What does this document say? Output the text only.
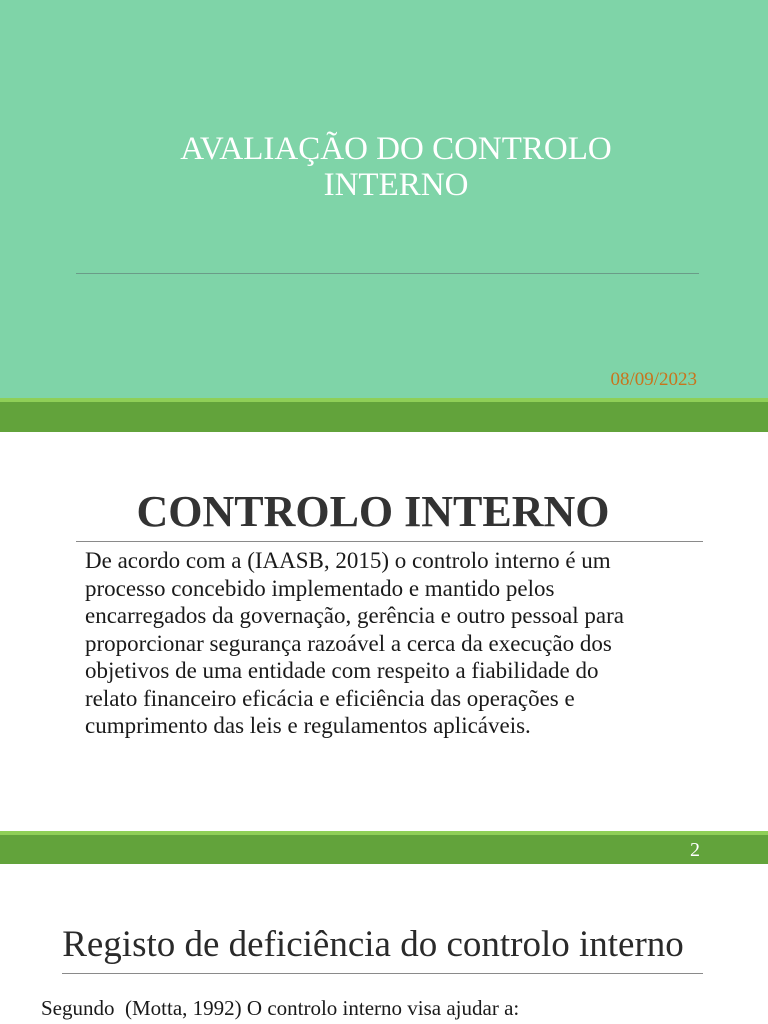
AVALIAÇÃO DO CONTROLO
INTERNO
08/09/2023
CONTROLO INTERNO
De acordo com a (IAASB, 2015) o controlo interno é um
processo concebido implementado e mantido pelos
encarregados da governação, gerência e outro pessoal para
proporcionar segurança razoável a cerca da execução dos
objetivos de uma entidade com respeito a fiabilidade do
relato financeiro eficácia e eficiência das operações e
cumprimento das leis e regulamentos aplicáveis.
2
Registo de deficiência do controlo interno
Segundo  (Motta, 1992) O controlo interno visa ajudar a:
